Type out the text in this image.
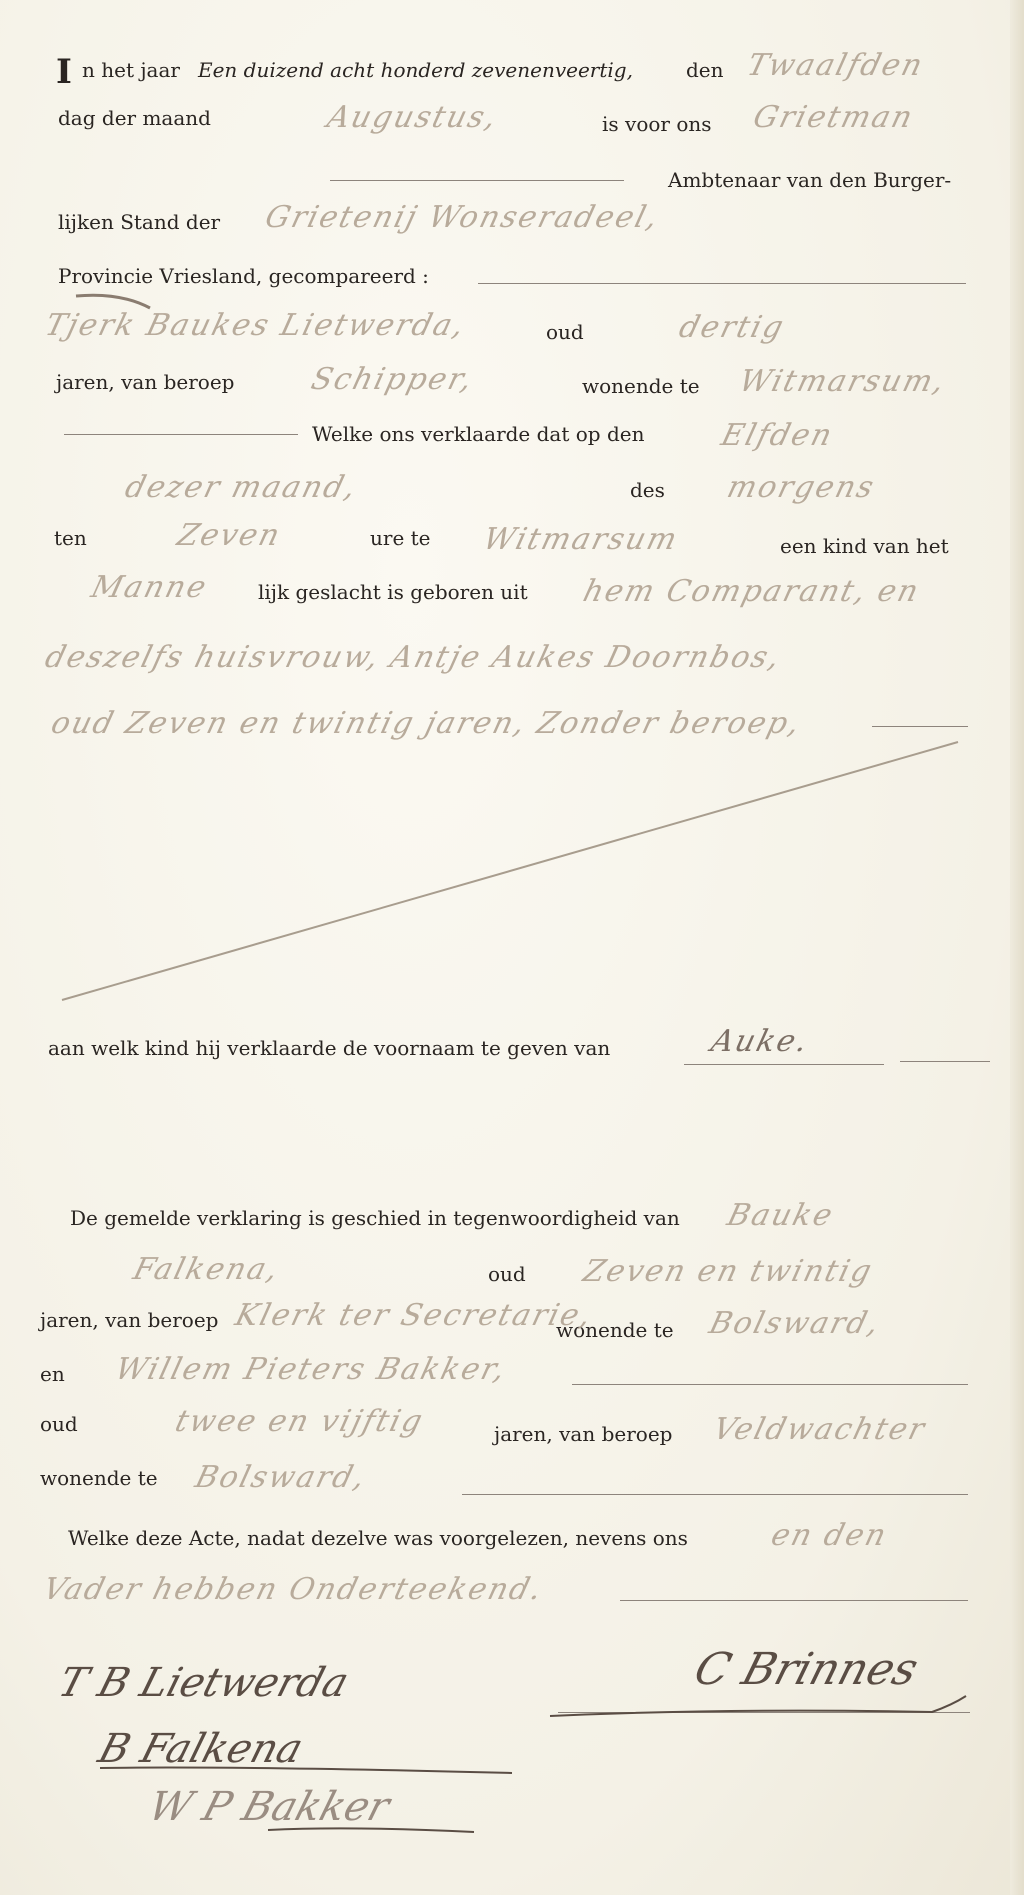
I n het jaar Een duizend acht honderd zevenenveertig,	den
dag der maand	is voor ons
Ambtenaar van den Burger-
lijken Stand der
Provincie Vriesland, gecompareerd :
oud
jaren, van beroep	wonende te
Welke ons verklaarde dat op den
des
ten	ure te	een kind van het
lijk geslacht is geboren uit
aan welk kind hij verklaarde de voornaam te geven van
De gemelde verklaring is geschied in tegenwoordigheid van
oud
jaren, van beroep	wonende te
en
oud	jaren, van beroep
wonende te
Welke deze Acte, nadat dezelve was voorgelezen, nevens ons
Twaalfden
Augustus,	Grietman
Grietenij Wonseradeel,
Tjerk Baukes Lietwerda,	dertig
Schipper,	Witmarsum,
Elfden
dezer maand,	morgens
Zeven	Witmarsum
Manne	hem Comparant, en
deszelfs huisvrouw, Antje Aukes Doornbos,
oud Zeven en twintig jaren, Zonder beroep,
Auke.
Bauke
Falkena,	Zeven en twintig
Klerk ter Secretarie,	Bolsward,
Willem Pieters Bakker,
twee en vijftig	Veldwachter
Bolsward,
en den
Vader hebben Onderteekend.
T B Lietwerda
B Falkena
W P Bakker
C Brinnes
